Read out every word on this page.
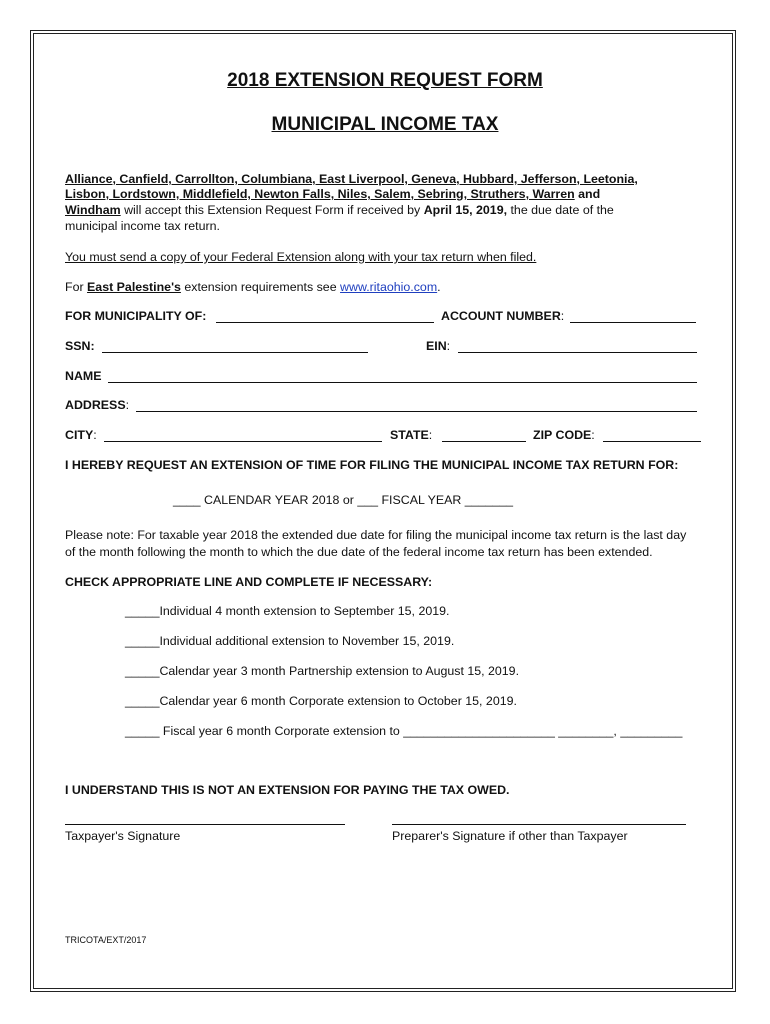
2018 EXTENSION REQUEST FORM
MUNICIPAL INCOME TAX
Alliance, Canfield, Carrollton, Columbiana, East Liverpool, Geneva, Hubbard, Jefferson, Leetonia,
Lisbon, Lordstown, Middlefield, Newton Falls, Niles, Salem, Sebring, Struthers, Warren and
Windham will accept this Extension Request Form if received by April 15, 2019, the due date of the
municipal income tax return.
You must send a copy of your Federal Extension along with your tax return when filed.
For East Palestine's extension requirements see www.ritaohio.com.
FOR MUNICIPALITY OF:	ACCOUNT NUMBER:
SSN:	EIN:
NAME
ADDRESS:
CITY:	STATE:	ZIP CODE:
I HEREBY REQUEST AN EXTENSION OF TIME FOR FILING THE MUNICIPAL INCOME TAX RETURN FOR:
____ CALENDAR YEAR 2018 or ___ FISCAL YEAR _______
Please note: For taxable year 2018 the extended due date for filing the municipal income tax return is the last day
of the month following the month to which the due date of the federal income tax return has been extended.
CHECK APPROPRIATE LINE AND COMPLETE IF NECESSARY:
_____Individual 4 month extension to September 15, 2019.
_____Individual additional extension to November 15, 2019.
_____Calendar year 3 month Partnership extension to August 15, 2019.
_____Calendar year 6 month Corporate extension to October 15, 2019.
_____ Fiscal year 6 month Corporate extension to ______________________ ________, _________
I UNDERSTAND THIS IS NOT AN EXTENSION FOR PAYING THE TAX OWED.
Taxpayer's Signature	Preparer's Signature if other than Taxpayer
TRICOTA/EXT/2017
